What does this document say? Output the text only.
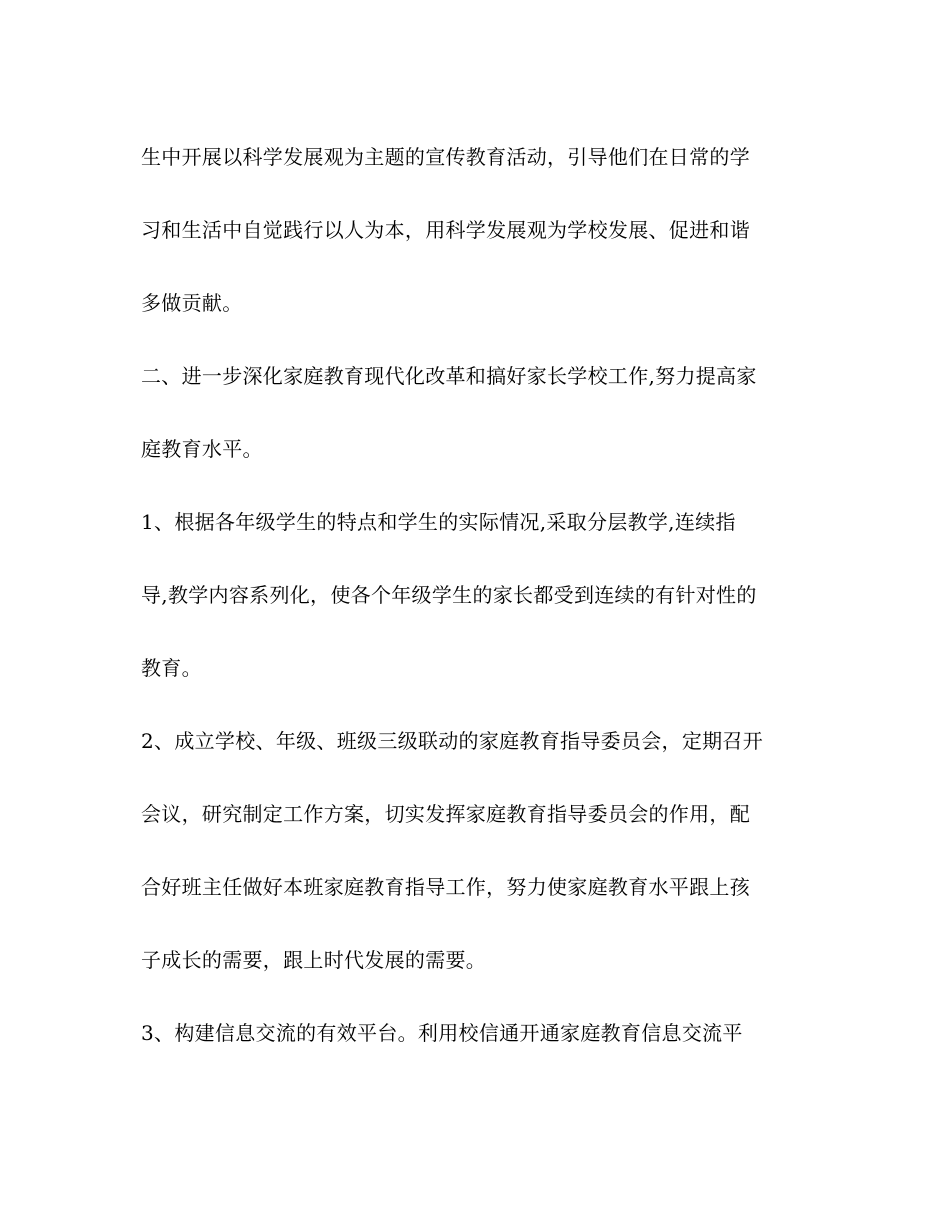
生中开展以科学发展观为主题的宣传教育活动，引导他们在日常的学
习和生活中自觉践行以人为本，用科学发展观为学校发展、促进和谐
多做贡献。
二、进一步深化家庭教育现代化改革和搞好家长学校工作,努力提高家
庭教育水平。
1、根据各年级学生的特点和学生的实际情况,采取分层教学,连续指
导,教学内容系列化，使各个年级学生的家长都受到连续的有针对性的
教育。
2、成立学校、年级、班级三级联动的家庭教育指导委员会，定期召开
会议，研究制定工作方案，切实发挥家庭教育指导委员会的作用，配
合好班主任做好本班家庭教育指导工作，努力使家庭教育水平跟上孩
子成长的需要，跟上时代发展的需要。
3、构建信息交流的有效平台。利用校信通开通家庭教育信息交流平
